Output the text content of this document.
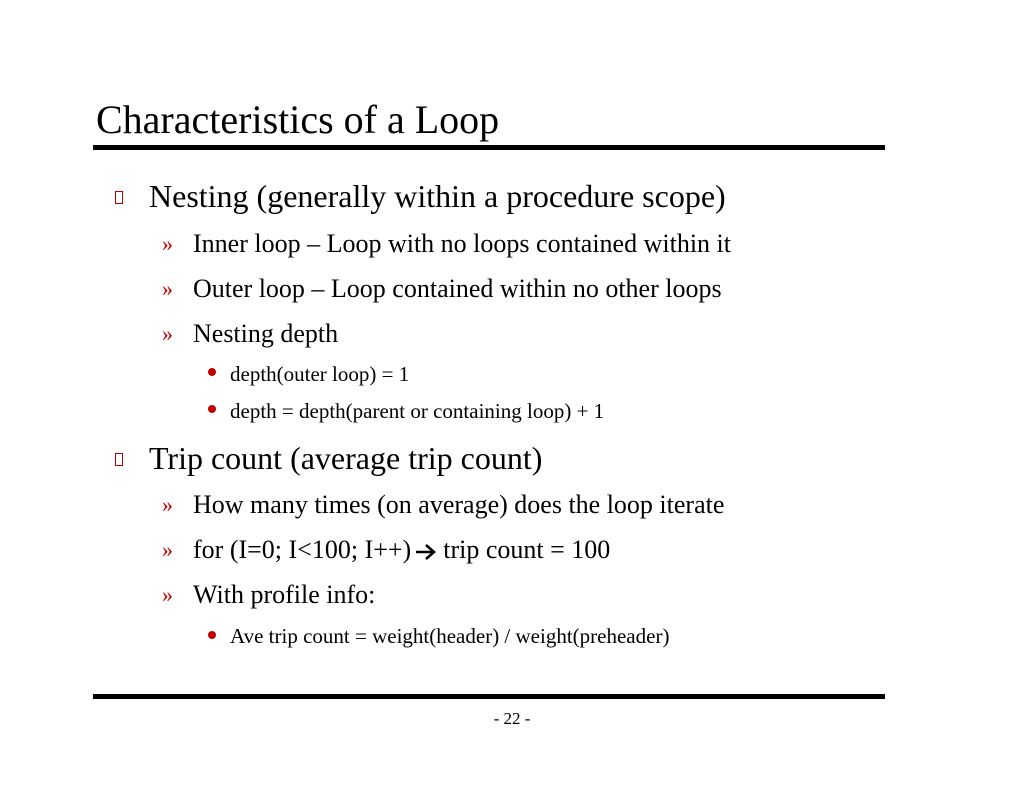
Characteristics of a Loop
Nesting (generally within a procedure scope)
» Inner loop – Loop with no loops contained within it
» Outer loop – Loop contained within no other loops
» Nesting depth
depth(outer loop) = 1
depth = depth(parent or containing loop) + 1
Trip count (average trip count)
» How many times (on average) does the loop iterate
» for (I=0; I<100; I++) trip count = 100
» With profile info:
Ave trip count = weight(header) / weight(preheader)
- 22 -
